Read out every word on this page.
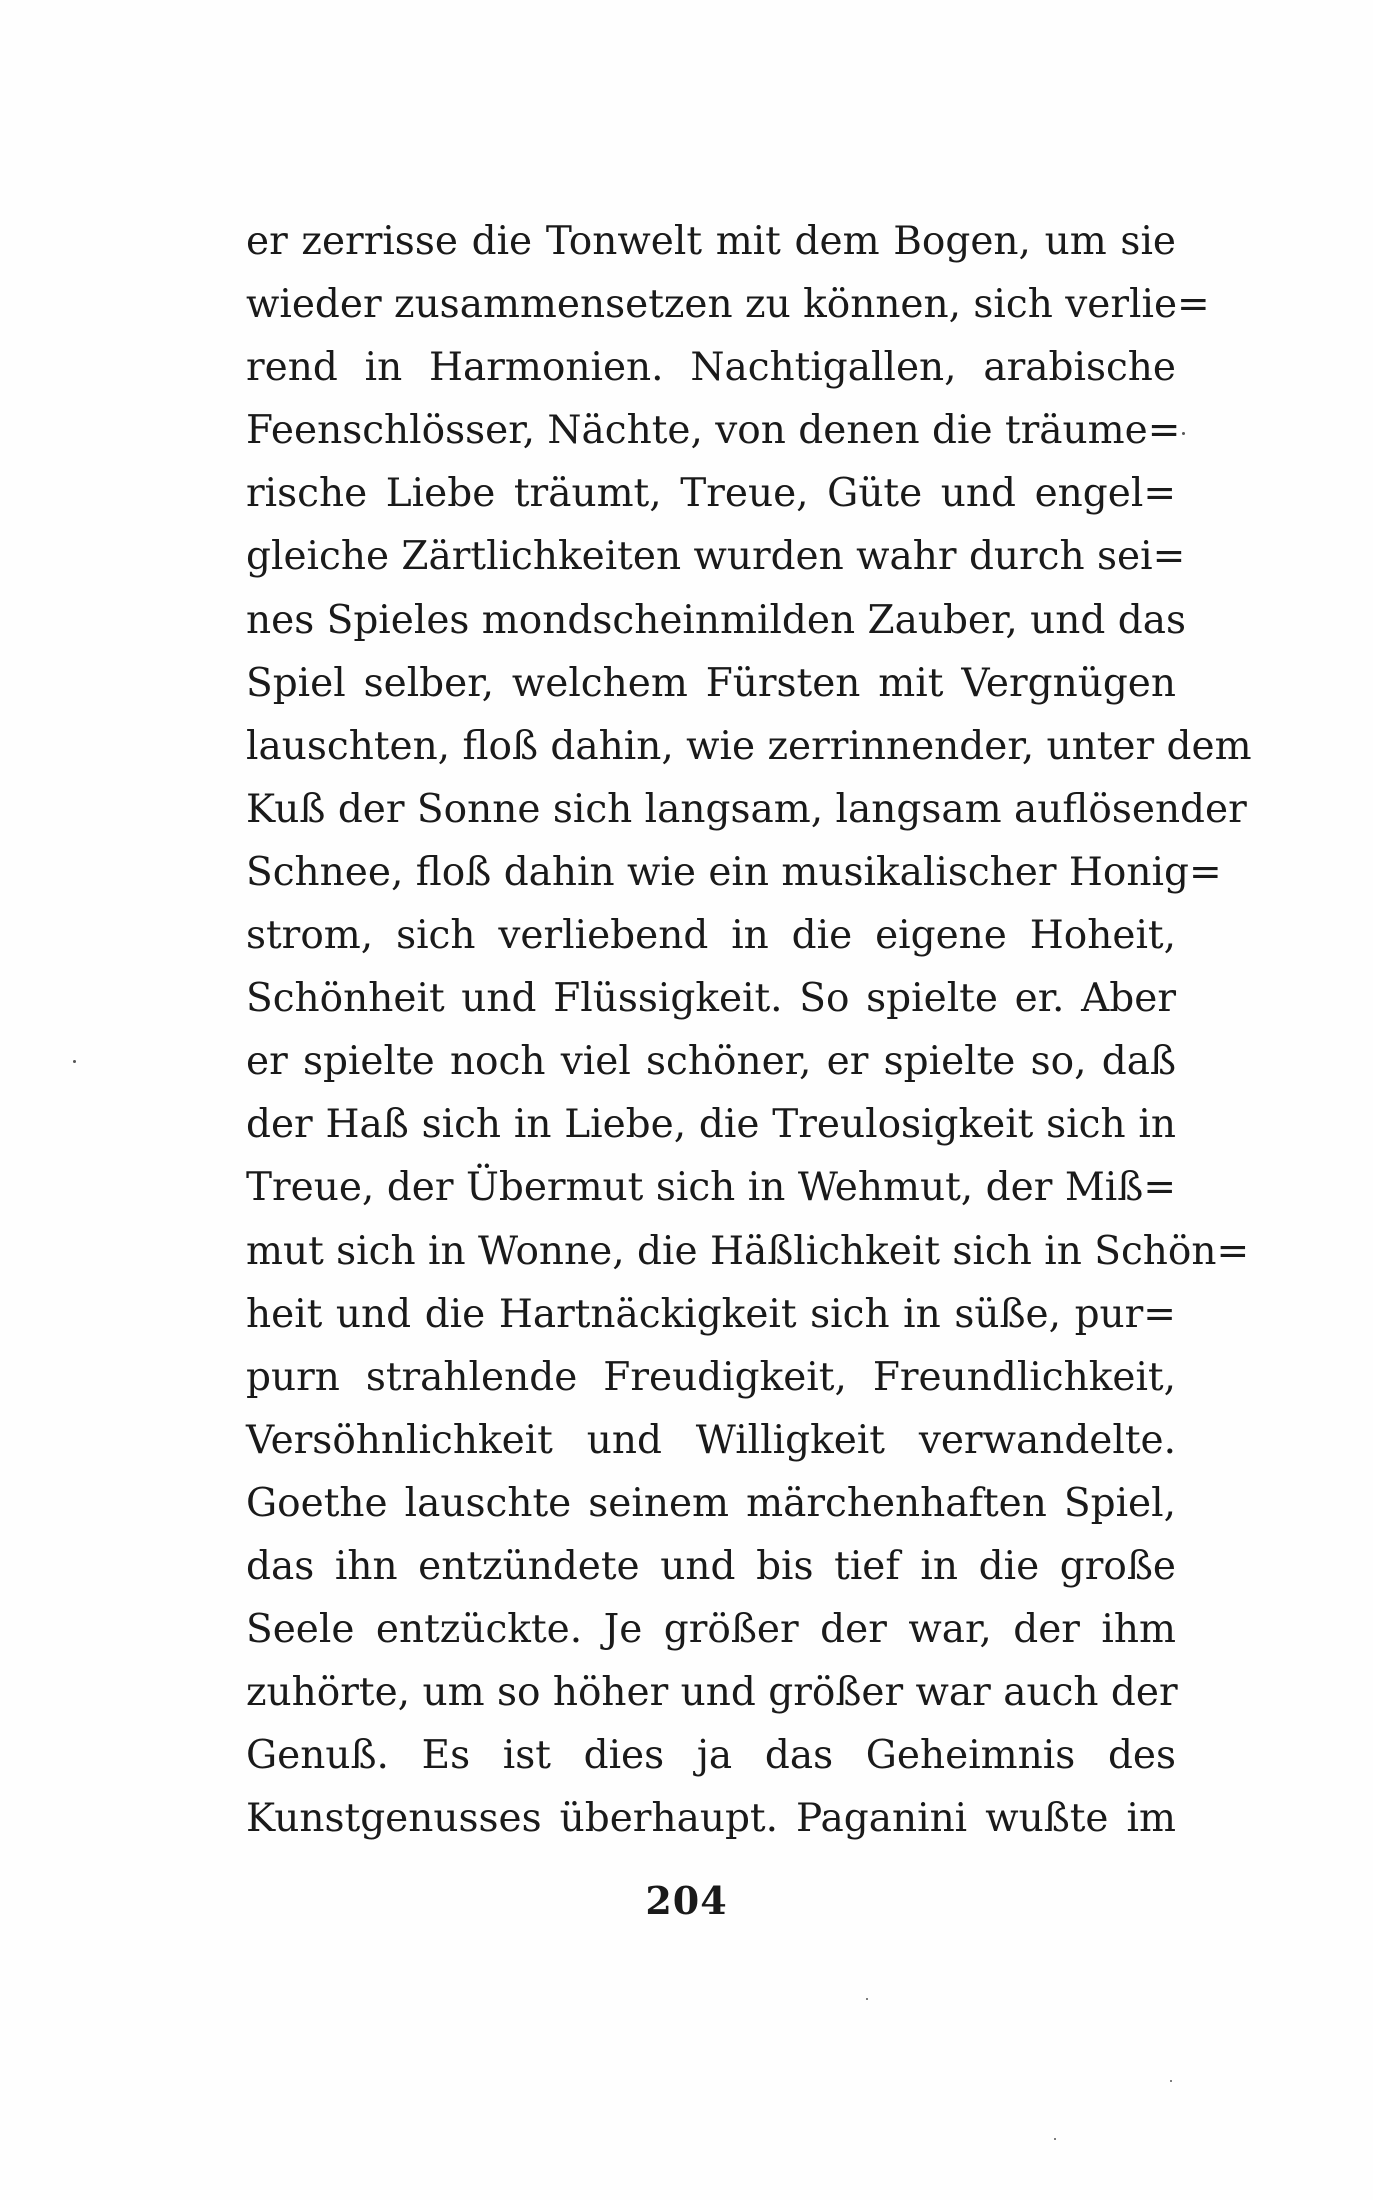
er zerrisse die Tonwelt mit dem Bogen, um sie
wieder zusammensetzen zu können, sich verlie=
rend in Harmonien. Nachtigallen, arabische
Feenschlösser, Nächte, von denen die träume=
rische Liebe träumt, Treue, Güte und engel=
gleiche Zärtlichkeiten wurden wahr durch sei=
nes Spieles mondscheinmilden Zauber, und das
Spiel selber, welchem Fürsten mit Vergnügen
lauschten, floß dahin, wie zerrinnender, unter dem
Kuß der Sonne sich langsam, langsam auflösender
Schnee, floß dahin wie ein musikalischer Honig=
strom, sich verliebend in die eigene Hoheit,
Schönheit und Flüssigkeit. So spielte er. Aber
er spielte noch viel schöner, er spielte so, daß
der Haß sich in Liebe, die Treulosigkeit sich in
Treue, der Übermut sich in Wehmut, der Miß=
mut sich in Wonne, die Häßlichkeit sich in Schön=
heit und die Hartnäckigkeit sich in süße, pur=
purn strahlende Freudigkeit, Freundlichkeit,
Versöhnlichkeit und Willigkeit verwandelte.
Goethe lauschte seinem märchenhaften Spiel,
das ihn entzündete und bis tief in die große
Seele entzückte. Je größer der war, der ihm
zuhörte, um so höher und größer war auch der
Genuß. Es ist dies ja das Geheimnis des
Kunstgenusses überhaupt. Paganini wußte im
204
